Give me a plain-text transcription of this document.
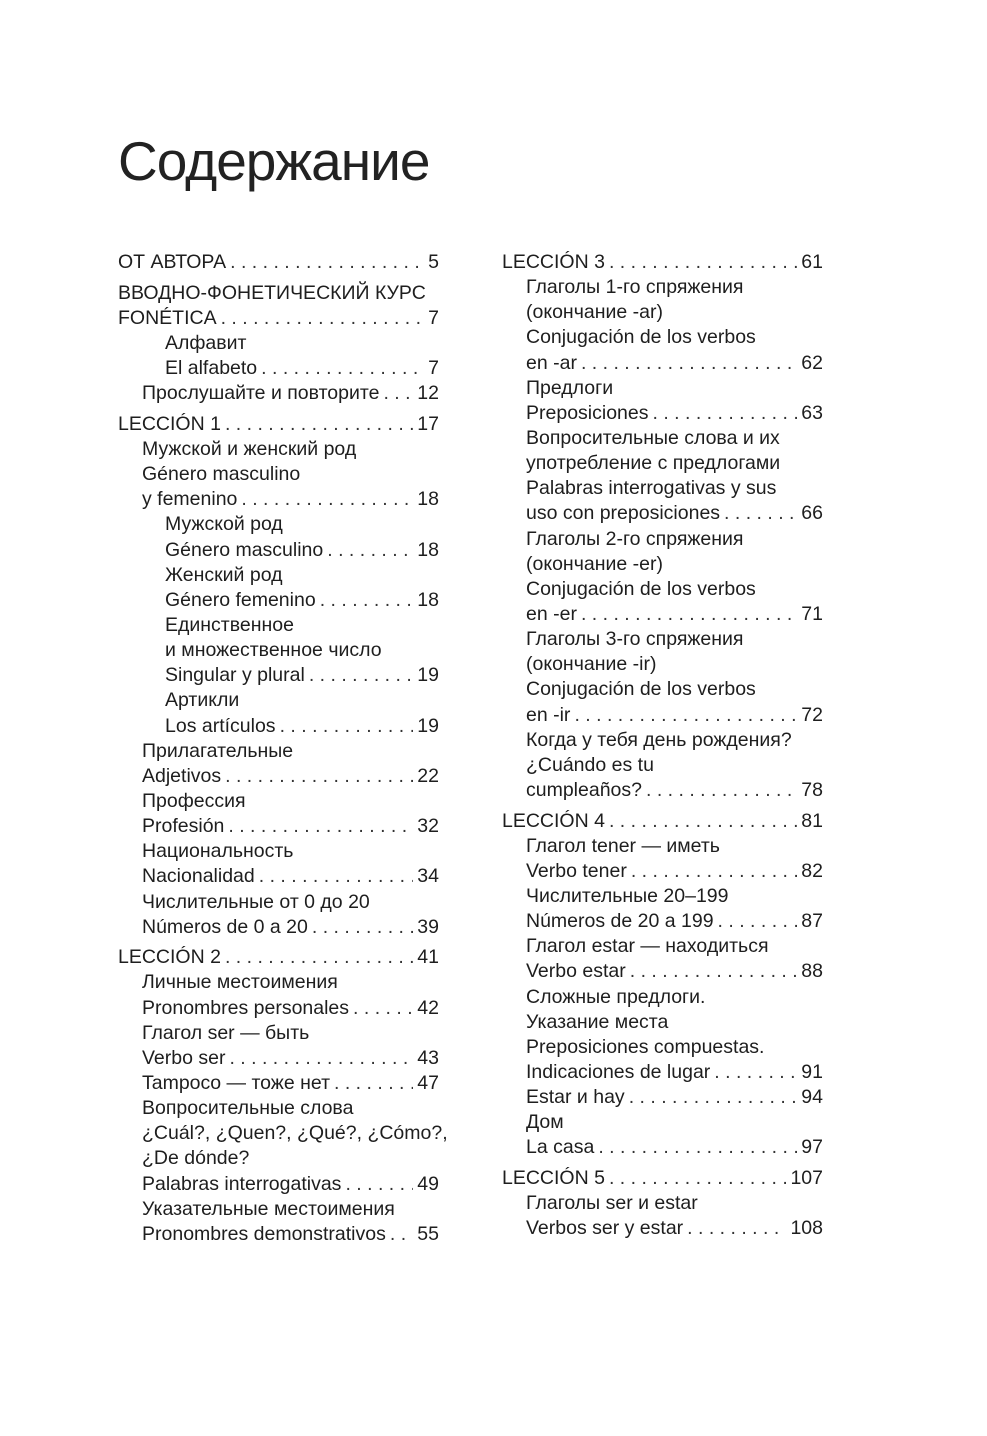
Содержание
ОТ АВТОРА . . .	5
ВВОДНО-ФОНЕТИЧЕСКИЙ КУРС
FONÉTICA . . .	7
Алфавит
El alfabeto . . .	7
Прослушайте и повторите . . . 12
LECCIÓN 1 . . .	17
Мужской и женский род
Género masculino
y femenino . . .	18
Мужской род
Género masculino . . .	18
Женский род
Género femenino . . .	18
Единственное
и множественное число
Singular y plural . . .	19
Артикли
Los artículos . . .	19
Прилагательные
Adjetivos . . .	22
Профессия
Profesión . . .	32
Национальность
Nacionalidad . . .	34
Числительные от 0 до 20
Números de 0 a 20 . . .	39
LECCIÓN 2 . . .	41
Личные местоимения
Pronombres personales . . .	42
Глагол ser — быть
Verbo ser . . .	43
Tampoco — тоже нет . . .	47
Вопросительные слова
¿Cuál?, ¿Quen?, ¿Qué?, ¿Cómo?,
¿De dónde?
Palabras interrogativas . . .	49
Указательные местоимения
Pronombres demonstrativos . . . 55
LECCIÓN 3 . . .	61
Глаголы 1-го спряжения
(окончание -ar)
Conjugación de los verbos
en -ar . . .	62
Предлоги
Preposiciones . . .	63
Вопросительные слова и их
употребление с предлогами
Palabras interrogativas y sus
uso con preposiciones . . .	66
Глаголы 2-го спряжения
(окончание -er)
Conjugación de los verbos
en -er . . .	71
Глаголы 3-го спряжения
(окончание -ir)
Conjugación de los verbos
en -ir . . .	72
Когда у тебя день рождения?
¿Cuándo es tu
cumpleaños? . . .	78
LECCIÓN 4 . . .	81
Глагол tener — иметь
Verbo tener . . .	82
Числительные 20–199
Números de 20 a 199 . . .	87
Глагол estar — находиться
Verbo estar . . .	88
Сложные предлоги.
Указание места
Preposiciones compuestas.
Indicaciones de lugar . . .	91
Estar и hay . . .	94
Дом
La casa . . .	97
LECCIÓN 5 . . .	107
Глаголы ser и estar
Verbos ser y estar . . .	108
